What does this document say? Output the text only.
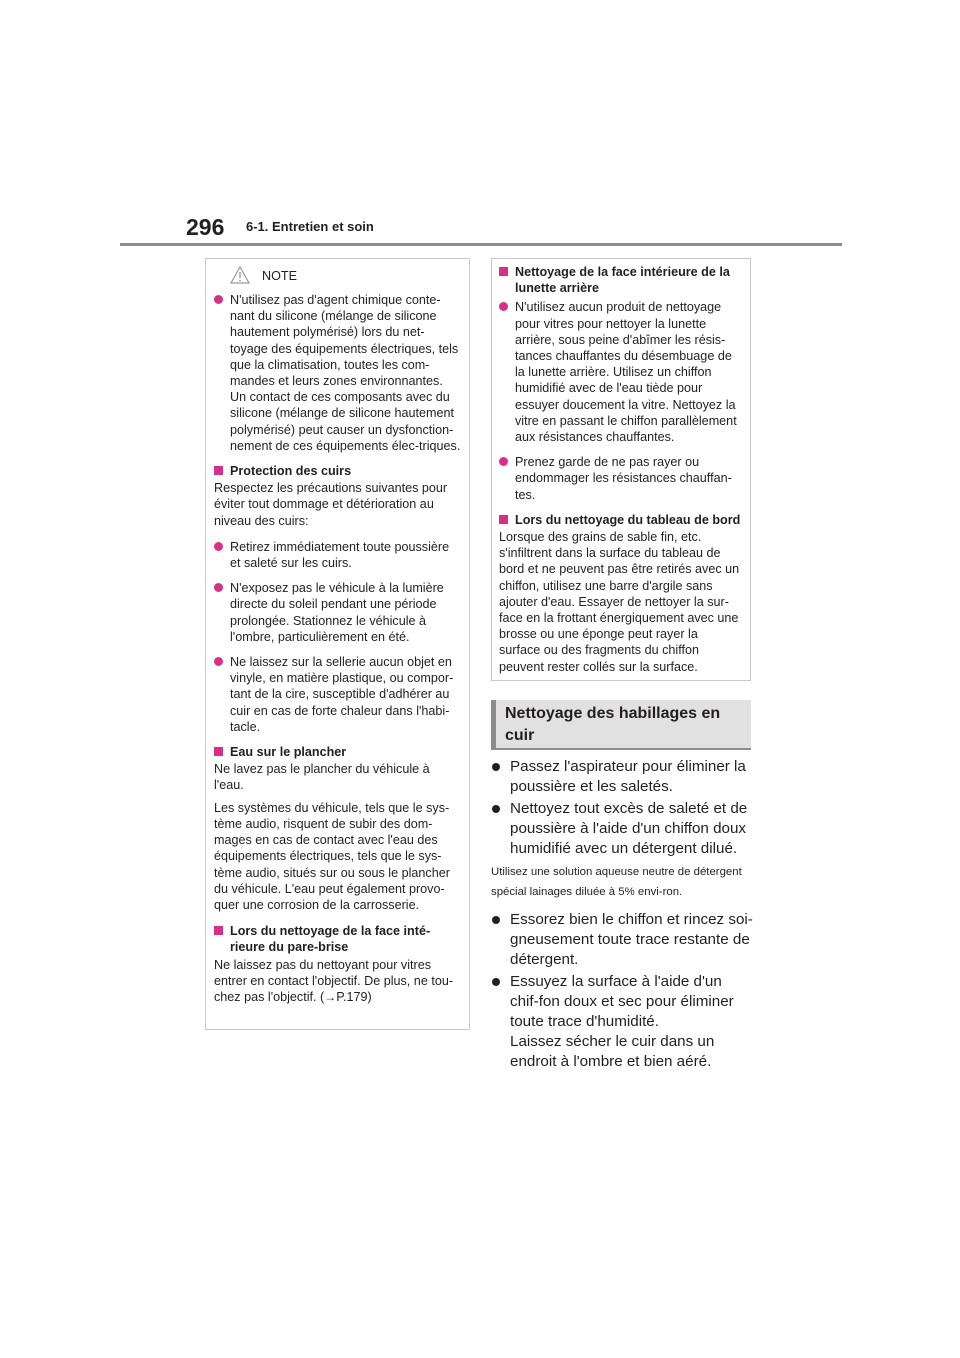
296 6-1. Entretien et soin
NOTE
N'utilisez pas d'agent chimique conte-nant du silicone (mélange de silicone hautement polymérisé) lors du net-toyage des équipements électriques, tels que la climatisation, toutes les com-mandes et leurs zones environnantes. Un contact de ces composants avec du silicone (mélange de silicone hautement polymérisé) peut causer un dysfonction-nement de ces équipements élec-triques.
Protection des cuirs

Respectez les précautions suivantes pour éviter tout dommage et détérioration au niveau des cuirs:

Retirez immédiatement toute poussière et saleté sur les cuirs.
N'exposez pas le véhicule à la lumière directe du soleil pendant une période prolongée. Stationnez le véhicule à l'ombre, particulièrement en été.
Ne laissez sur la sellerie aucun objet en vinyle, en matière plastique, ou compor-tant de la cire, susceptible d'adhérer au cuir en cas de forte chaleur dans l'habi-tacle.
Eau sur le plancher

Ne lavez pas le plancher du véhicule à l'eau.

Les systèmes du véhicule, tels que le sys-tème audio, risquent de subir des dom-mages en cas de contact avec l'eau des équipements électriques, tels que le sys-tème audio, situés sur ou sous le plancher du véhicule. L'eau peut également provo-quer une corrosion de la carrosserie.

Lors du nettoyage de la face inté-rieure du pare-brise

Ne laissez pas du nettoyant pour vitres entrer en contact l'objectif. De plus, ne tou-chez pas l'objectif. (→P.179)

Nettoyage de la face intérieure de la lunette arrière
N'utilisez aucun produit de nettoyage pour vitres pour nettoyer la lunette arrière, sous peine d'abîmer les résis-tances chauffantes du désembuage de la lunette arrière. Utilisez un chiffon humidifié avec de l'eau tiède pour essuyer doucement la vitre. Nettoyez la vitre en passant le chiffon parallèlement aux résistances chauffantes.
Prenez garde de ne pas rayer ou endommager les résistances chauffan-tes.
Lors du nettoyage du tableau de bord

Lorsque des grains de sable fin, etc. s'infiltrent dans la surface du tableau de bord et ne peuvent pas être retirés avec un chiffon, utilisez une barre d'argile sans ajouter d'eau. Essayer de nettoyer la sur-face en la frottant énergiquement avec une brosse ou une éponge peut rayer la surface ou des fragments du chiffon peuvent rester collés sur la surface.

Nettoyage des habillages en cuir
Passez l'aspirateur pour éliminer la poussière et les saletés.
Nettoyez tout excès de saleté et de poussière à l'aide d'un chiffon doux humidifié avec un détergent dilué.
Utilisez une solution aqueuse neutre de détergent spécial lainages diluée à 5% envi-ron.
Essorez bien le chiffon et rincez soi-gneusement toute trace restante de détergent.
Essuyez la surface à l'aide d'un chif-fon doux et sec pour éliminer toute trace d'humidité.
Laissez sécher le cuir dans un endroit à l'ombre et bien aéré.
